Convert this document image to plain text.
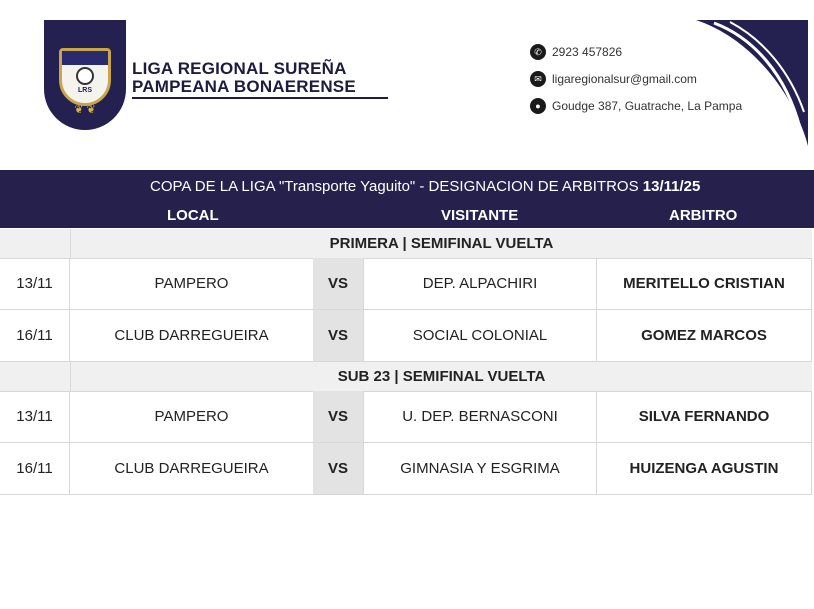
LRS
❦ ❦
LIGA REGIONAL SUREÑA
PAMPEANA BONAERENSE
✆ 2923 457826
✉ ligaregionalsur@gmail.com
● Goudge 387, Guatrache, La Pampa
COPA DE LA LIGA "Transporte Yaguito" - DESIGNACION DE ARBITROS 13/11/25
LOCAL	VISITANTE	ARBITRO
PRIMERA | SEMIFINAL VUELTA
13/11	PAMPERO	VS	DEP. ALPACHIRI	MERITELLO CRISTIAN
16/11	CLUB DARREGUEIRA	VS	SOCIAL COLONIAL	GOMEZ MARCOS
SUB 23 | SEMIFINAL VUELTA
13/11	PAMPERO	VS	U. DEP. BERNASCONI	SILVA FERNANDO
16/11	CLUB DARREGUEIRA	VS	GIMNASIA Y ESGRIMA	HUIZENGA AGUSTIN
